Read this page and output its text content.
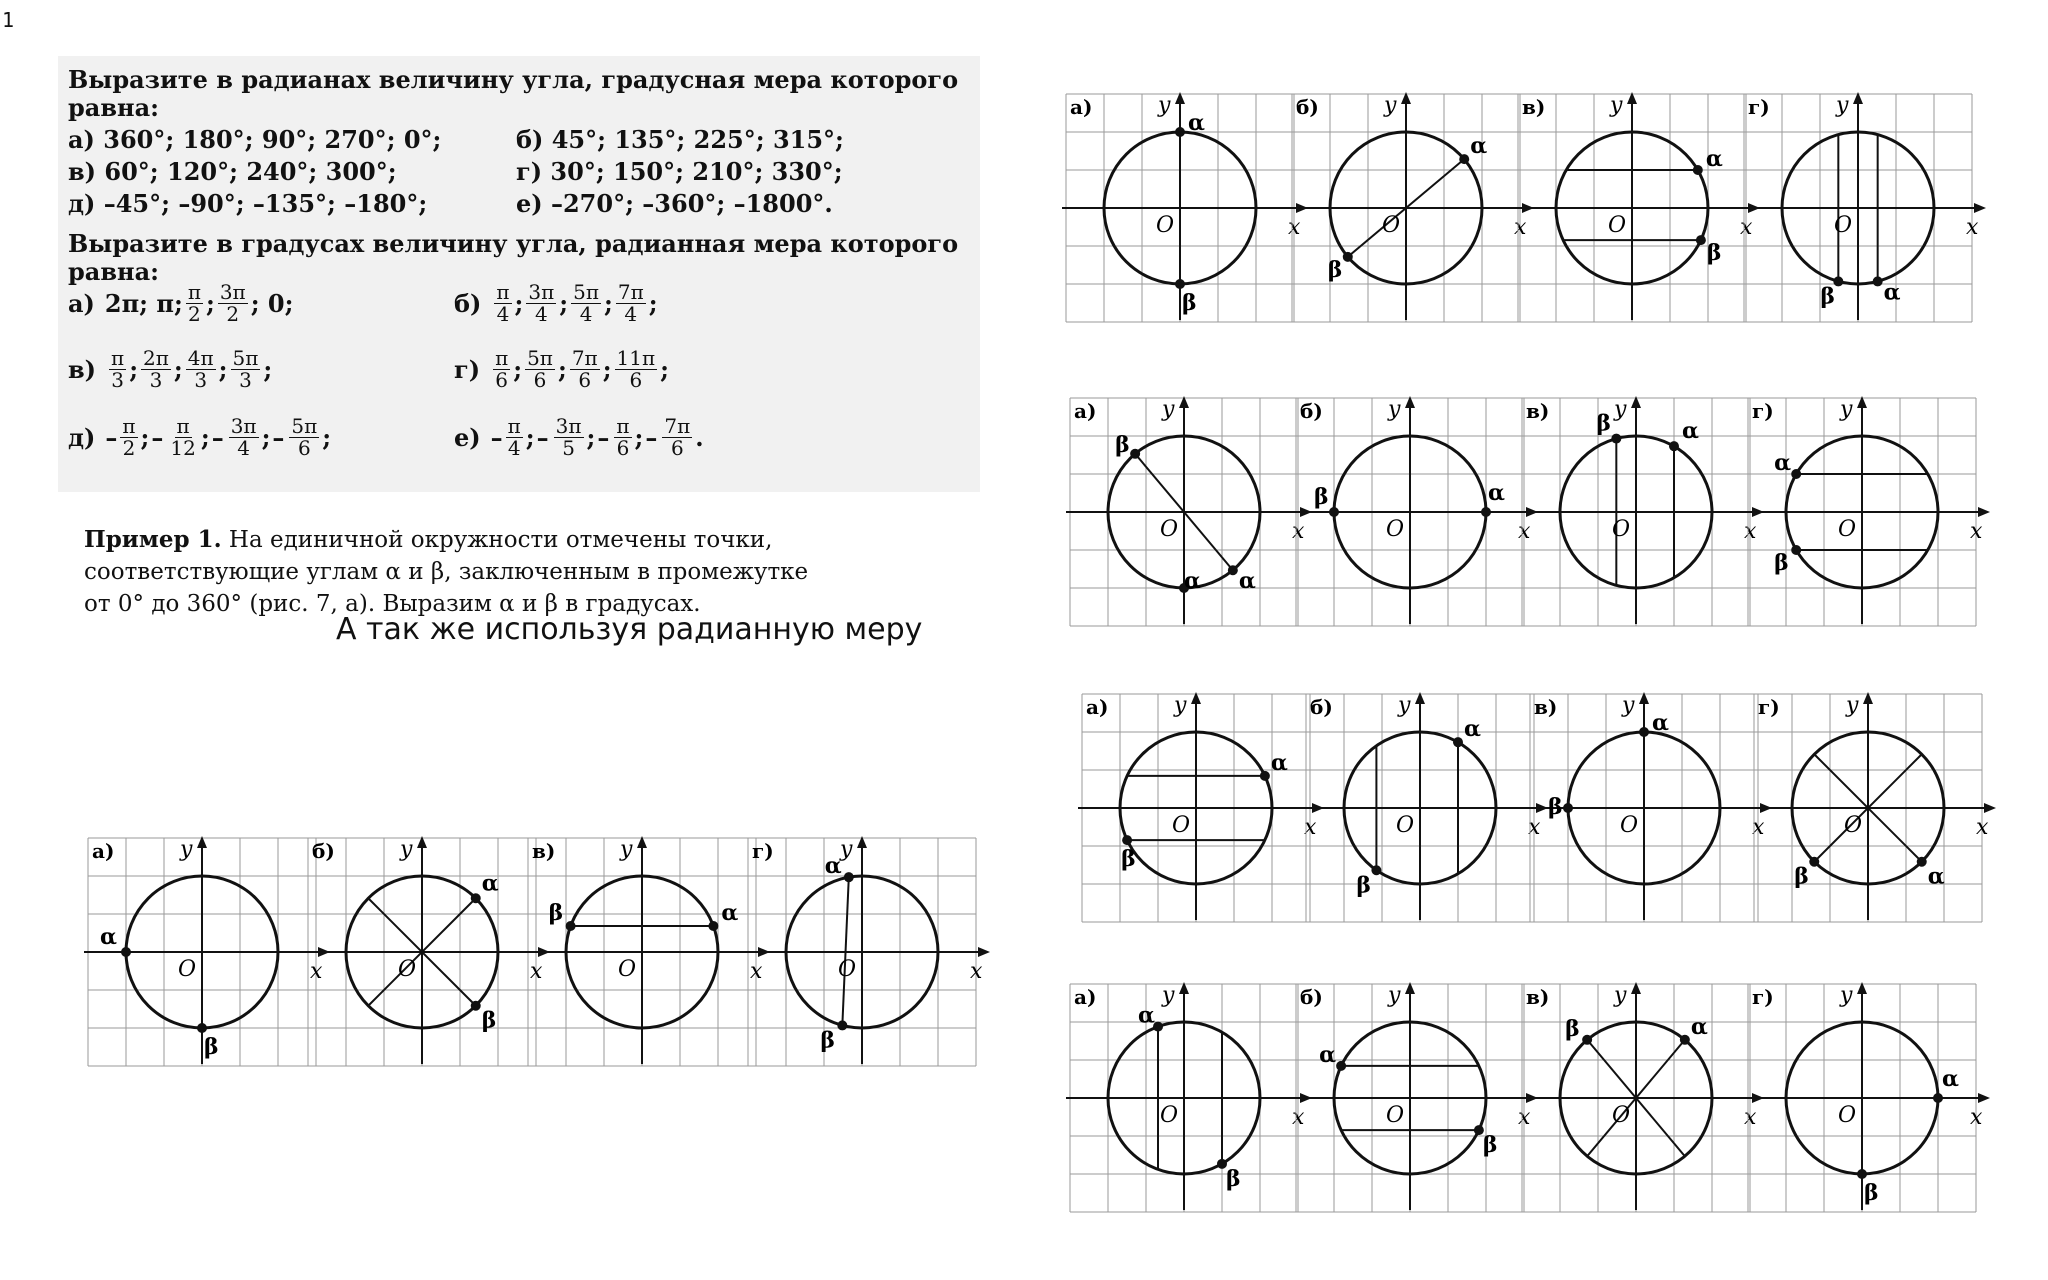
1
Выразите в радианах величину угла, градусная мера которого
равна:
а) 360°; 180°; 90°; 270°; 0°;	б) 45°; 135°; 225°; 315°;
в) 60°; 120°; 240°; 300°;	г) 30°; 150°; 210°; 330°;
д) –45°; –90°; –135°; –180°;	е) –270°; –360°; –1800°.
Выразите в градусах величину угла, радианная мера которого
равна:
а) 2π; π; $\frac{\pi}{2}$ ; $\frac{3\pi}{2}$ ; 0;	$б) \frac{\pi}{4}$ ; $\frac{3\pi}{4}$ ; $\frac{5\pi}{4}$ ; $\frac{7\pi}{4}$ ;
$в) \frac{\pi}{3}$ ; $\frac{2\pi}{3}$ ; $\frac{4\pi}{3}$ ; $\frac{5\pi}{3}$ ;	$г) \frac{\pi}{6}$ ; $\frac{5\pi}{6}$ ; $\frac{7\pi}{6}$ ; $\frac{11\pi}{6}$ ;
$д) - \frac{\pi}{2}$ ; – $\frac{\pi}{12}$ ; – $\frac{3\pi}{4}$ ; – $\frac{5\pi}{6}$ ;	$е) - \frac{\pi}{4}$ ; – $\frac{3\pi}{5}$ ; – $\frac{\pi}{6}$ ; – $\frac{7\pi}{6}$ .

Пример 1. На единичной окружности отмечены точки,

соответствующие углам α и β, заключенным в промежутке

от 0° до 360° (рис. 7, а). Выразим α и β в градусах.

А так же используя радианную меру
α
β
а)	y
x
O
α
β
б)	y
x
O
α
β
в)	y
x
O
α
β
г)	y
x
O
α
β
а)	y
x
O
α
β
б)	y
x
O
α
β
в)	y
x
O
α
β
г)	y
x
O
β
α
α
а)	y
x
O
α
β
б)	y
x
O
β	α
в)	y
x
O
α
β
г)	y
x
O
α
β
а)	y
x
O
α
β
б)	y
x
O
α
β
в)	y
x
O
α
β
г)	y
x
O
α
β
а)	y
x
O
α
β
б)	y
x
O
β	α
в)	y
x
O
α
β
г)	y
x
O
